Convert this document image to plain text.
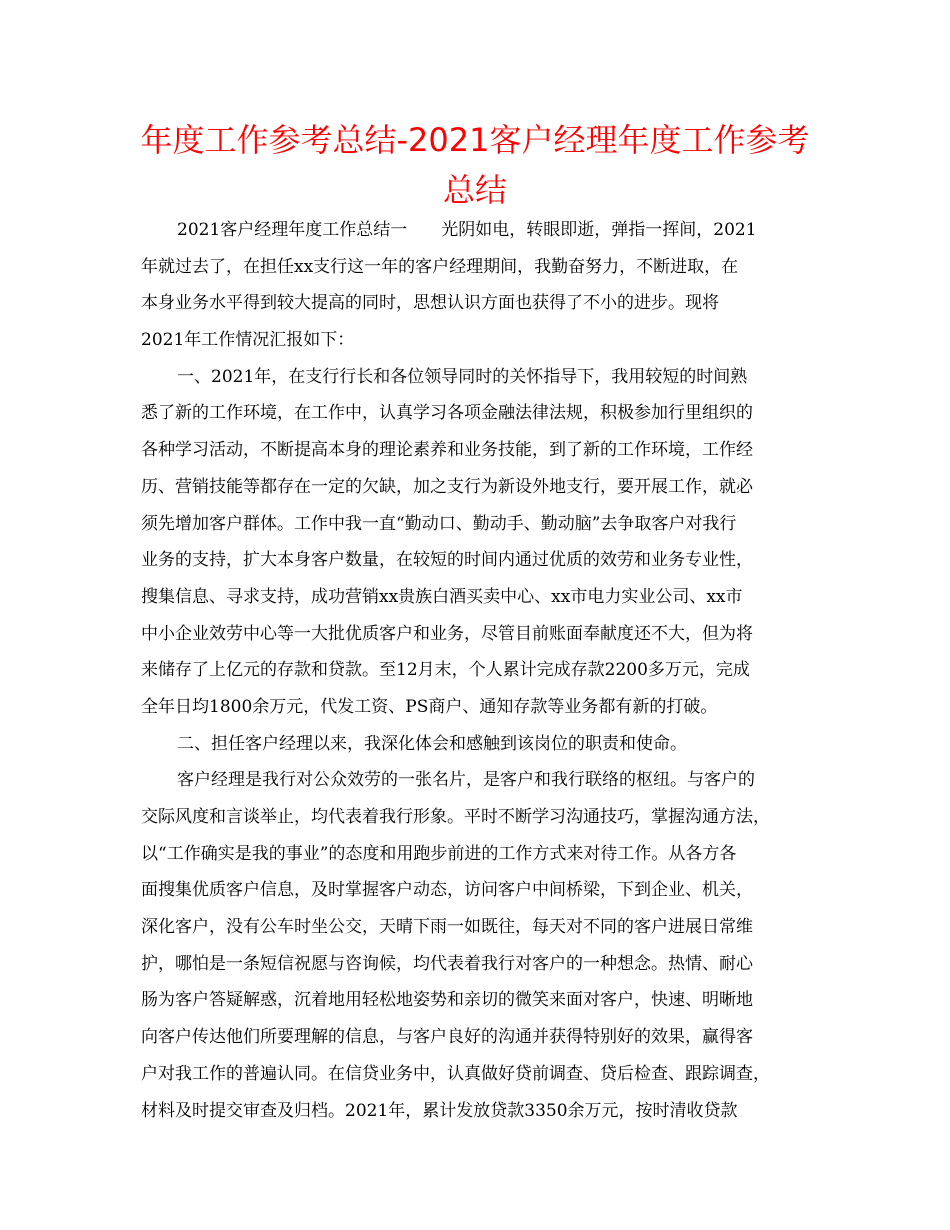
年度工作参考总结-2021客户经理年度工作参考
总结
2021客户经理年度工作总结一　　光阴如电，转眼即逝，弹指一挥间，2021
年就过去了，在担任xx支行这一年的客户经理期间，我勤奋努力，不断进取，在
本身业务水平得到较大提高的同时，思想认识方面也获得了不小的进步。现将
2021年工作情况汇报如下：
一、2021年，在支行行长和各位领导同时的关怀指导下，我用较短的时间熟
悉了新的工作环境，在工作中，认真学习各项金融法律法规，积极参加行里组织的
各种学习活动，不断提高本身的理论素养和业务技能，到了新的工作环境，工作经
历、营销技能等都存在一定的欠缺，加之支行为新设外地支行，要开展工作，就必
须先增加客户群体。工作中我一直“勤动口、勤动手、勤动脑”去争取客户对我行
业务的支持，扩大本身客户数量，在较短的时间内通过优质的效劳和业务专业性，
搜集信息、寻求支持，成功营销xx贵族白酒买卖中心、xx市电力实业公司、xx市
中小企业效劳中心等一大批优质客户和业务，尽管目前账面奉献度还不大，但为将
来储存了上亿元的存款和贷款。至12月末，个人累计完成存款2200多万元，完成
全年日均1800余万元，代发工资、PS商户、通知存款等业务都有新的打破。
二、担任客户经理以来，我深化体会和感触到该岗位的职责和使命。
客户经理是我行对公众效劳的一张名片，是客户和我行联络的枢纽。与客户的
交际风度和言谈举止，均代表着我行形象。平时不断学习沟通技巧，掌握沟通方法，
以“工作确实是我的事业”的态度和用跑步前进的工作方式来对待工作。从各方各
面搜集优质客户信息，及时掌握客户动态，访问客户中间桥梁，下到企业、机关，
深化客户，没有公车时坐公交，天晴下雨一如既往，每天对不同的客户进展日常维
护，哪怕是一条短信祝愿与咨询候，均代表着我行对客户的一种想念。热情、耐心
肠为客户答疑解惑，沉着地用轻松地姿势和亲切的微笑来面对客户，快速、明晰地
向客户传达他们所要理解的信息，与客户良好的沟通并获得特别好的效果，赢得客
户对我工作的普遍认同。在信贷业务中，认真做好贷前调查、贷后检查、跟踪调查，
材料及时提交审查及归档。2021年，累计发放贷款3350余万元，按时清收贷款
